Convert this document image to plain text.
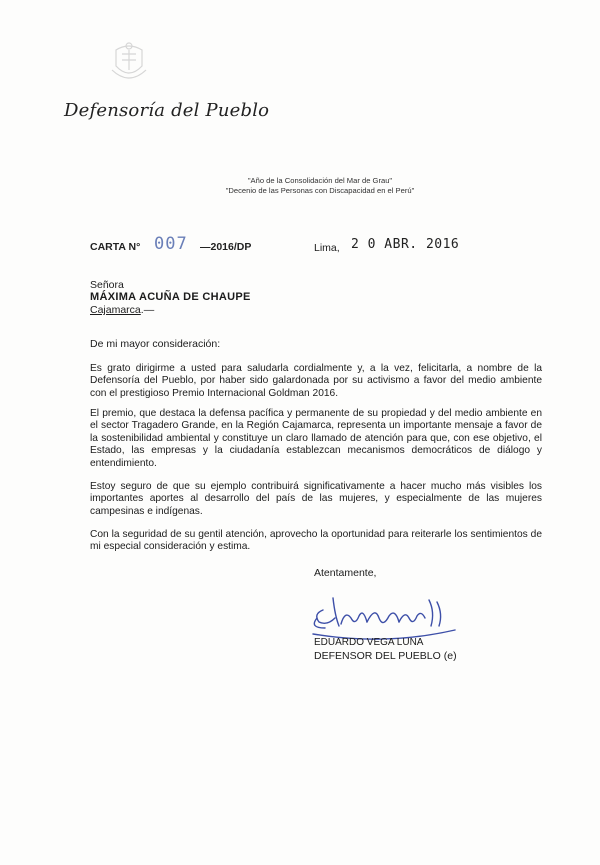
Defensoría del Pueblo
"Año de la Consolidación del Mar de Grau"
"Decenio de las Personas con Discapacidad en el Perú"
CARTA N° 007 —2016/DP	Lima, 2 0 ABR. 2016
Señora
MÁXIMA ACUÑA DE CHAUPE
Cajamarca.—
De mi mayor consideración:
Es grato dirigirme a usted para saludarla cordialmente y, a la vez, felicitarla, a nombre de la Defensoría del Pueblo, por haber sido galardonada por su activismo a favor del medio ambiente con el prestigioso Premio Internacional Goldman 2016.
El premio, que destaca la defensa pacífica y permanente de su propiedad y del medio ambiente en el sector Tragadero Grande, en la Región Cajamarca, representa un importante mensaje a favor de la sostenibilidad ambiental y constituye un claro llamado de atención para que, con ese objetivo, el Estado, las empresas y la ciudadanía establezcan mecanismos democráticos de diálogo y entendimiento.
Estoy seguro de que su ejemplo contribuirá significativamente a hacer mucho más visibles los importantes aportes al desarrollo del país de las mujeres, y especialmente de las mujeres campesinas e indígenas.
Con la seguridad de su gentil atención, aprovecho la oportunidad para reiterarle los sentimientos de mi especial consideración y estima.
Atentamente,
EDUARDO VEGA LUNA
DEFENSOR DEL PUEBLO (e)
